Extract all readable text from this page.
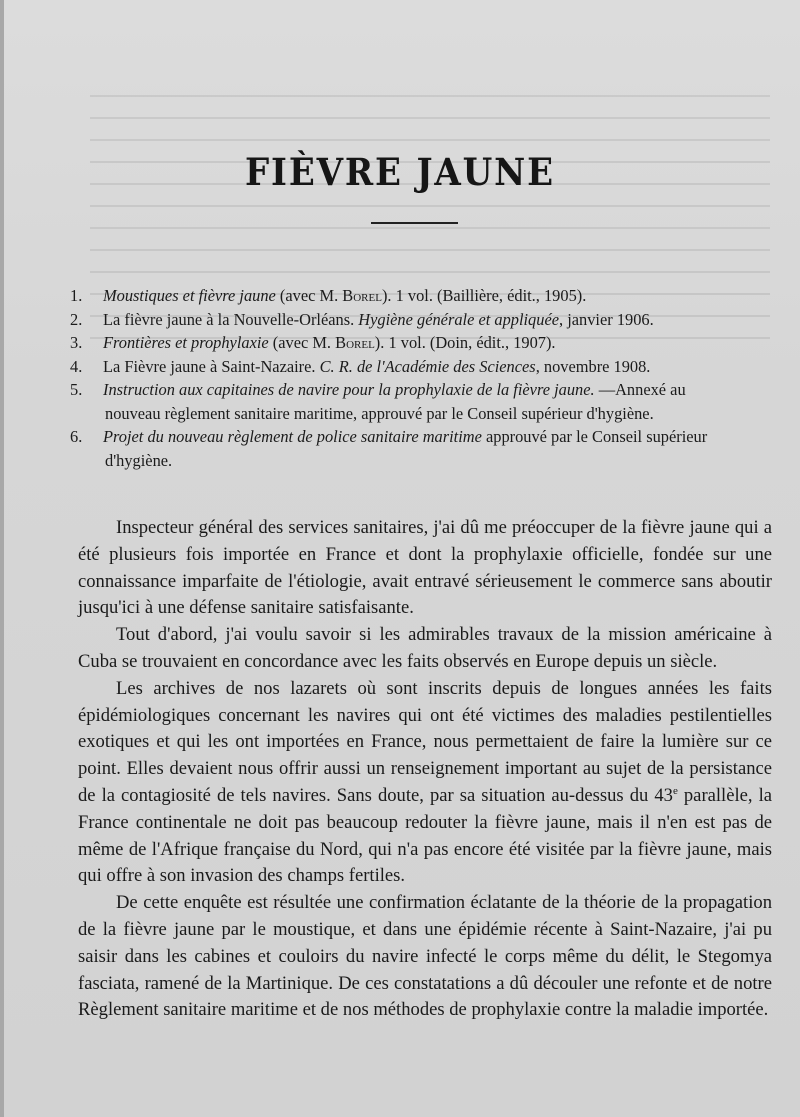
FIÈVRE JAUNE
1. Moustiques et fièvre jaune (avec M. Borel). 1 vol. (Baillière, édit., 1905).
2. La fièvre jaune à la Nouvelle-Orléans. Hygiène générale et appliquée, janvier 1906.
3. Frontières et prophylaxie (avec M. Borel). 1 vol. (Doin, édit., 1907).
4. La Fièvre jaune à Saint-Nazaire. C. R. de l'Académie des Sciences, novembre 1908.
5. Instruction aux capitaines de navire pour la prophylaxie de la fièvre jaune. —Annexé au
nouveau règlement sanitaire maritime, approuvé par le Conseil supérieur d'hygiène.
6. Projet du nouveau règlement de police sanitaire maritime approuvé par le Conseil supérieur
d'hygiène.

Inspecteur général des services sanitaires, j'ai dû me préoccuper de la fièvre jaune qui a été plusieurs fois importée en France et dont la prophylaxie officielle, fondée sur une connaissance imparfaite de l'étiologie, avait entravé sérieusement le commerce sans aboutir jusqu'ici à une défense sanitaire satisfaisante.

Tout d'abord, j'ai voulu savoir si les admirables travaux de la mission américaine à Cuba se trouvaient en concordance avec les faits observés en Europe depuis un siècle.

Les archives de nos lazarets où sont inscrits depuis de longues années les faits épidémiologiques concernant les navires qui ont été victimes des maladies pestilentielles exotiques et qui les ont importées en France, nous permettaient de faire la lumière sur ce point. Elles devaient nous offrir aussi un renseignement important au sujet de la persistance de la contagiosité de tels navires. Sans doute, par sa situation au-dessus du 43e parallèle, la France continentale ne doit pas beaucoup redouter la fièvre jaune, mais il n'en est pas de même de l'Afrique française du Nord, qui n'a pas encore été visitée par la fièvre jaune, mais qui offre à son invasion des champs fertiles.

De cette enquête est résultée une confirmation éclatante de la théorie de la propagation de la fièvre jaune par le moustique, et dans une épidémie récente à Saint-Nazaire, j'ai pu saisir dans les cabines et couloirs du navire infecté le corps même du délit, le Stegomya fasciata, ramené de la Martinique. De ces constatations a dû découler une refonte et de notre Règlement sanitaire maritime et de nos méthodes de prophylaxie contre la maladie importée.
